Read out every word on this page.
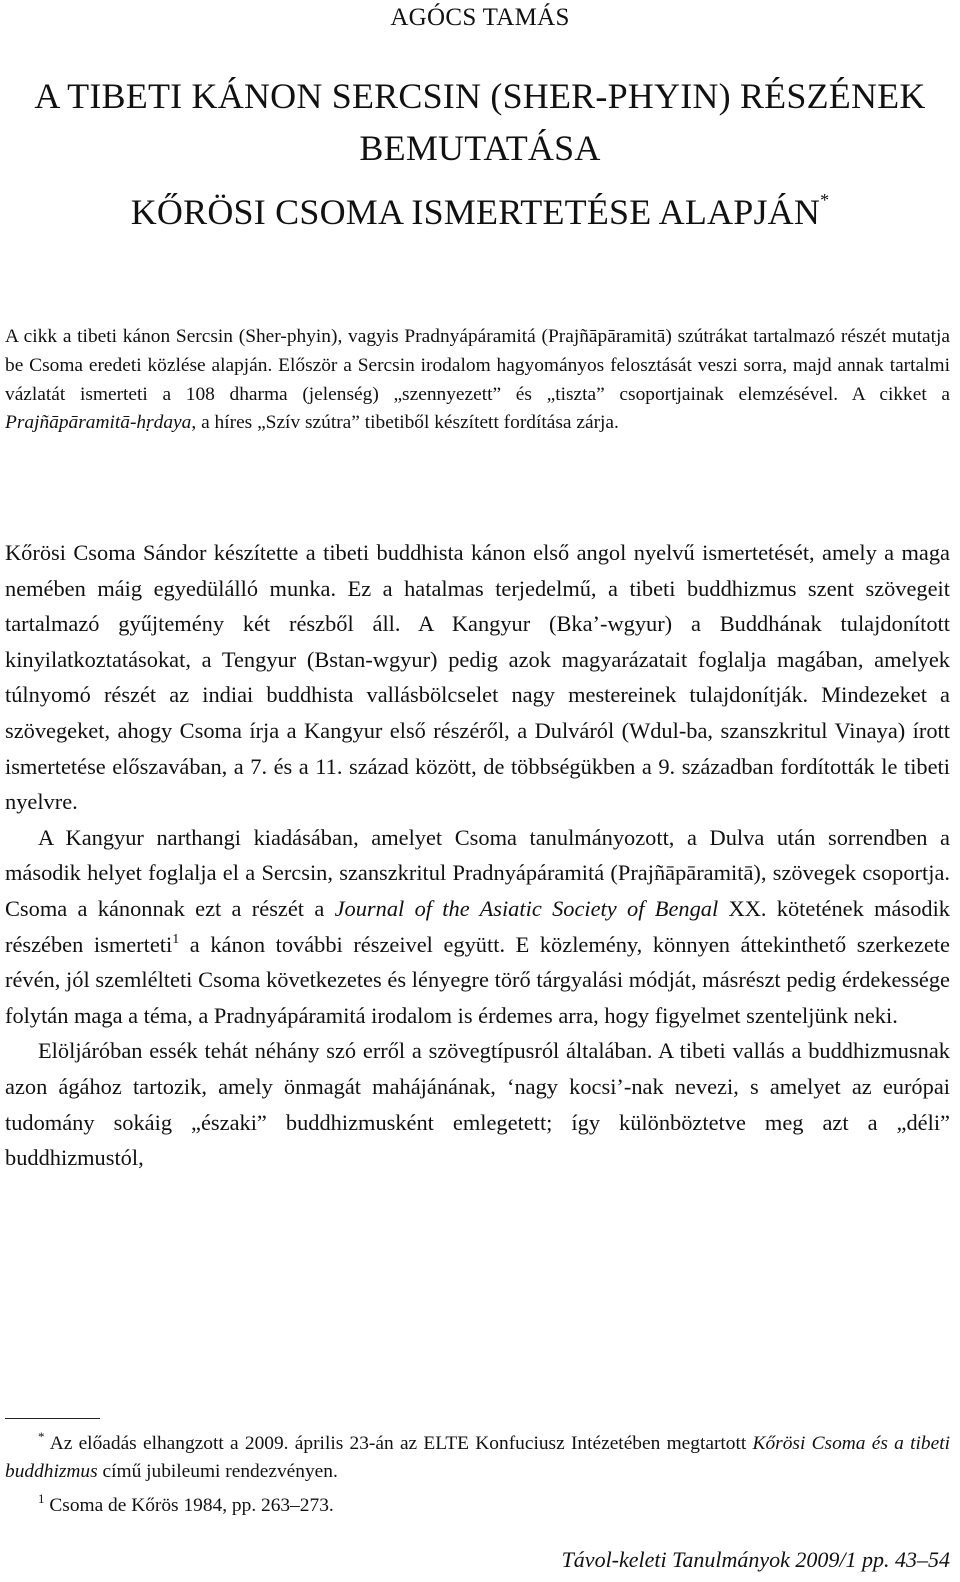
AGÓCS TAMÁS
A TIBETI KÁNON SERCSIN (SHER-PHYIN) RÉSZÉNEK
BEMUTATÁSA
KŐRÖSI CSOMA ISMERTETÉSE ALAPJÁN*
A cikk a tibeti kánon Sercsin (Sher-phyin), vagyis Pradnyápáramitá (Prajñāpāramitā) szútrákat tartalmazó részét mutatja be Csoma eredeti közlése alapján. Először a Sercsin irodalom hagyományos felosztását veszi sorra, majd annak tartalmi vázlatát ismerteti a 108 dharma (jelenség) „szennyezett” és „tiszta” csoportjainak elemzésével. A cikket a Prajñāpāramitā-hṛdaya, a híres „Szív szútra” tibetiből készített fordítása zárja.

Kőrösi Csoma Sándor készítette a tibeti buddhista kánon első angol nyelvű ismertetését, amely a maga nemében máig egyedülálló munka. Ez a hatalmas terjedelmű, a tibeti buddhizmus szent szövegeit tartalmazó gyűjtemény két részből áll. A Kangyur (Bka’-wgyur) a Buddhának tulajdonított kinyilatkoztatásokat, a Tengyur (Bstan-wgyur) pedig azok magyarázatait foglalja magában, amelyek túlnyomó részét az indiai buddhista vallásbölcselet nagy mestereinek tulajdonítják. Mindezeket a szövegeket, ahogy Csoma írja a Kangyur első részéről, a Dulváról (Wdul-ba, szanszkritul Vinaya) írott ismertetése előszavában, a 7. és a 11. század között, de többségükben a 9. században fordították le tibeti nyelvre.

A Kangyur narthangi kiadásában, amelyet Csoma tanulmányozott, a Dulva után sorrendben a második helyet foglalja el a Sercsin, szanszkritul Pradnyápáramitá (Prajñāpāramitā), szövegek csoportja. Csoma a kánonnak ezt a részét a Journal of the Asiatic Society of Bengal XX. kötetének második részében ismerteti$^1$ a kánon további részeivel együtt. E közlemény, könnyen áttekinthető szerkezete révén, jól szemlélteti Csoma következetes és lényegre törő tárgyalási módját, másrészt pedig érdekessége folytán maga a téma, a Pradnyápáramitá irodalom is érdemes arra, hogy figyelmet szenteljünk neki.

Elöljáróban essék tehát néhány szó erről a szövegtípusról általában. A tibeti vallás a buddhizmusnak azon ágához tartozik, amely önmagát mahájánának, ‘nagy kocsi’-nak nevezi, s amelyet az európai tudomány sokáig „északi” buddhizmusként emlegetett; így különböztetve meg azt a „déli” buddhizmustól,

* Az előadás elhangzott a 2009. április 23-án az ELTE Konfuciusz Intézetében megtartott Kőrösi Csoma és a tibeti buddhizmus című jubileumi rendezvényen.

$^1$ Csoma de Kőrös 1984, pp. 263–273.

Távol-keleti Tanulmányok 2009/1 pp. 43–54
